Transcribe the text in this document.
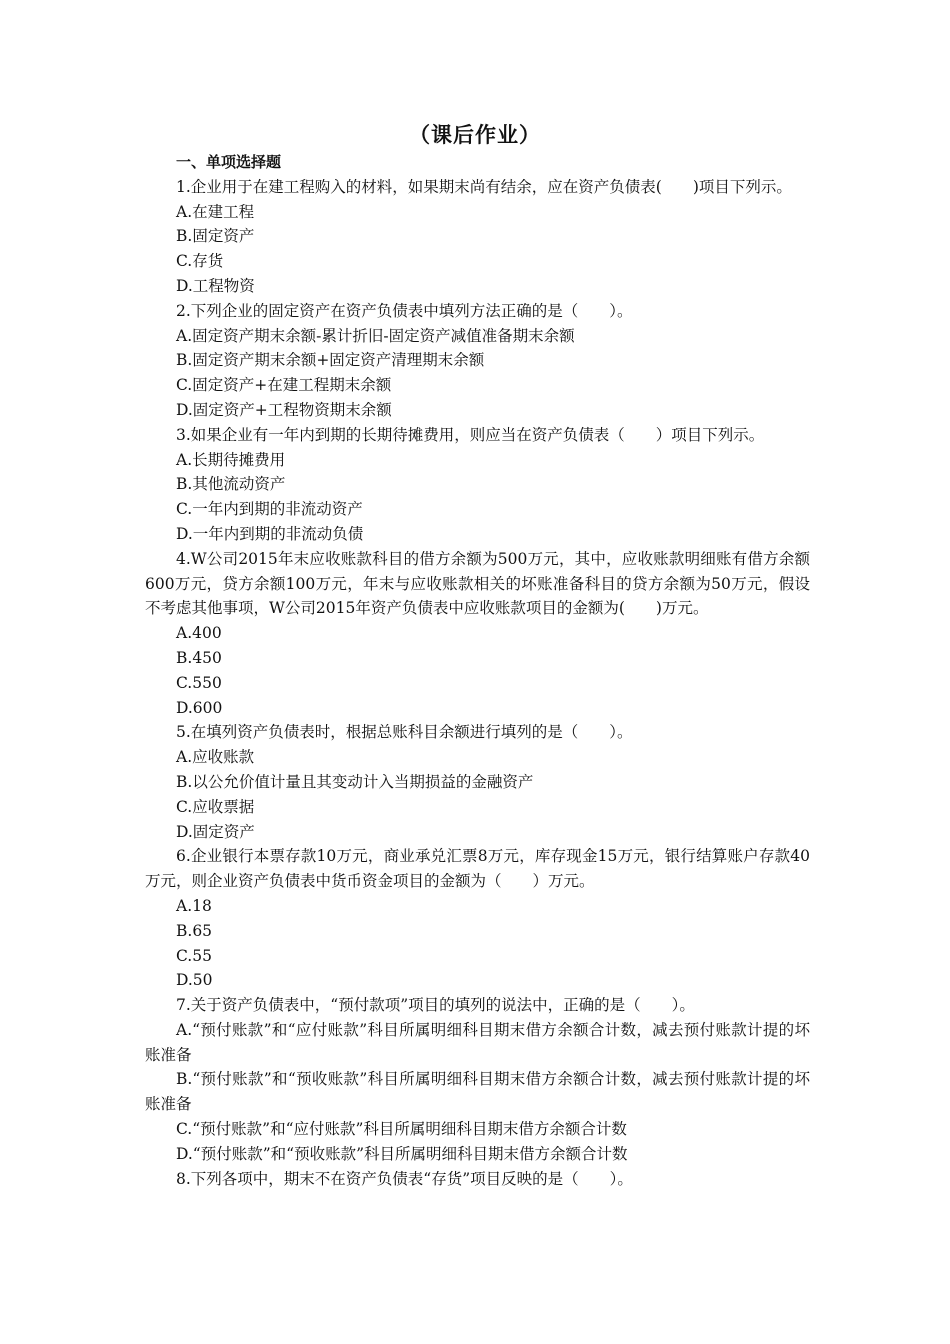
（课后作业）

一、单项选择题

1.企业用于在建工程购入的材料，如果期末尚有结余，应在资产负债表(　　)项目下列示。

A.在建工程

B.固定资产

C.存货

D.工程物资

2.下列企业的固定资产在资产负债表中填列方法正确的是（　　）。

A.固定资产期末余额-累计折旧-固定资产减值准备期末余额

B.固定资产期末余额+固定资产清理期末余额

C.固定资产+在建工程期末余额

D.固定资产+工程物资期末余额

3.如果企业有一年内到期的长期待摊费用，则应当在资产负债表（　　）项目下列示。

A.长期待摊费用

B.其他流动资产

C.一年内到期的非流动资产

D.一年内到期的非流动负债

4.W公司2015年末应收账款科目的借方余额为500万元，其中，应收账款明细账有借方余额600万元，贷方余额100万元，年末与应收账款相关的坏账准备科目的贷方余额为50万元，假设不考虑其他事项，W公司2015年资产负债表中应收账款项目的金额为(　　)万元。

A.400

B.450

C.550

D.600

5.在填列资产负债表时，根据总账科目余额进行填列的是（　　）。

A.应收账款

B.以公允价值计量且其变动计入当期损益的金融资产

C.应收票据

D.固定资产

6.企业银行本票存款10万元，商业承兑汇票8万元，库存现金15万元，银行结算账户存款40万元，则企业资产负债表中货币资金项目的金额为（　　）万元。

A.18

B.65

C.55

D.50

7.关于资产负债表中，“预付款项”项目的填列的说法中，正确的是（　　）。

A.“预付账款”和“应付账款”科目所属明细科目期末借方余额合计数，减去预付账款计提的坏账准备

B.“预付账款”和“预收账款”科目所属明细科目期末借方余额合计数，减去预付账款计提的坏账准备

C.“预付账款”和“应付账款”科目所属明细科目期末借方余额合计数

D.“预付账款”和“预收账款”科目所属明细科目期末借方余额合计数

8.下列各项中，期末不在资产负债表“存货”项目反映的是（　　）。
